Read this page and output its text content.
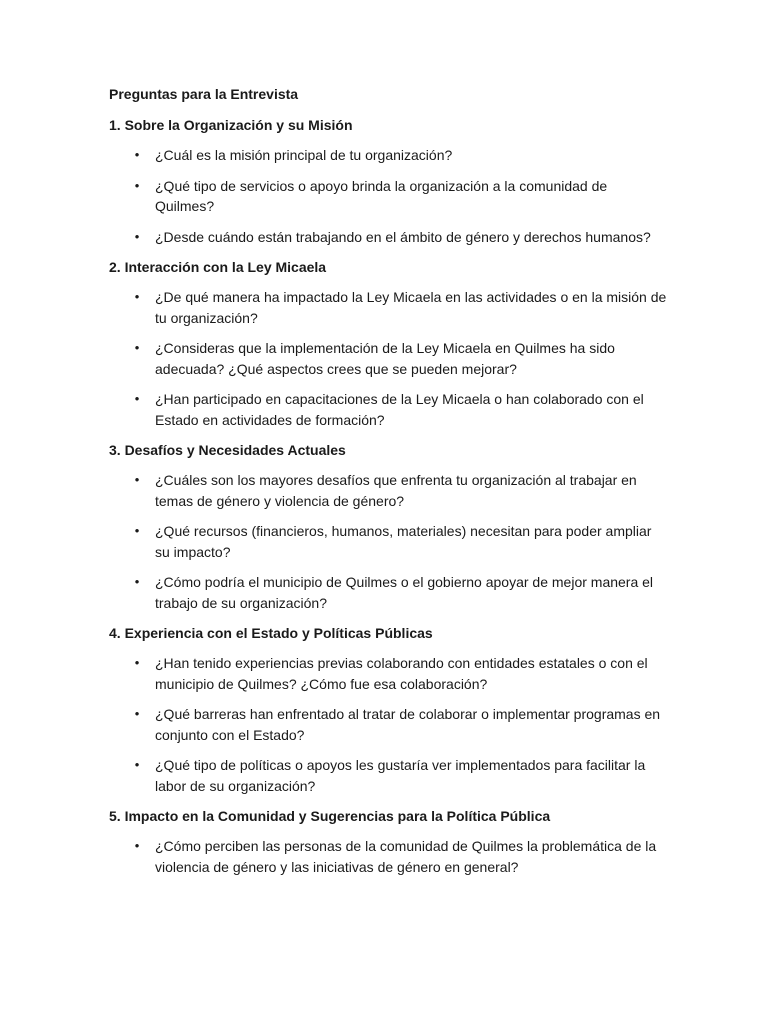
Preguntas para la Entrevista
1. Sobre la Organización y su Misión
• ¿Cuál es la misión principal de tu organización?
• ¿Qué tipo de servicios o apoyo brinda la organización a la comunidad de Quilmes?
• ¿Desde cuándo están trabajando en el ámbito de género y derechos humanos?
2. Interacción con la Ley Micaela
• ¿De qué manera ha impactado la Ley Micaela en las actividades o en la misión de tu organización?
• ¿Consideras que la implementación de la Ley Micaela en Quilmes ha sido adecuada? ¿Qué aspectos crees que se pueden mejorar?
• ¿Han participado en capacitaciones de la Ley Micaela o han colaborado con el Estado en actividades de formación?
3. Desafíos y Necesidades Actuales
• ¿Cuáles son los mayores desafíos que enfrenta tu organización al trabajar en temas de género y violencia de género?
• ¿Qué recursos (financieros, humanos, materiales) necesitan para poder ampliar su impacto?
• ¿Cómo podría el municipio de Quilmes o el gobierno apoyar de mejor manera el trabajo de su organización?
4. Experiencia con el Estado y Políticas Públicas
• ¿Han tenido experiencias previas colaborando con entidades estatales o con el municipio de Quilmes? ¿Cómo fue esa colaboración?
• ¿Qué barreras han enfrentado al tratar de colaborar o implementar programas en conjunto con el Estado?
• ¿Qué tipo de políticas o apoyos les gustaría ver implementados para facilitar la labor de su organización?
5. Impacto en la Comunidad y Sugerencias para la Política Pública
• ¿Cómo perciben las personas de la comunidad de Quilmes la problemática de la violencia de género y las iniciativas de género en general?
